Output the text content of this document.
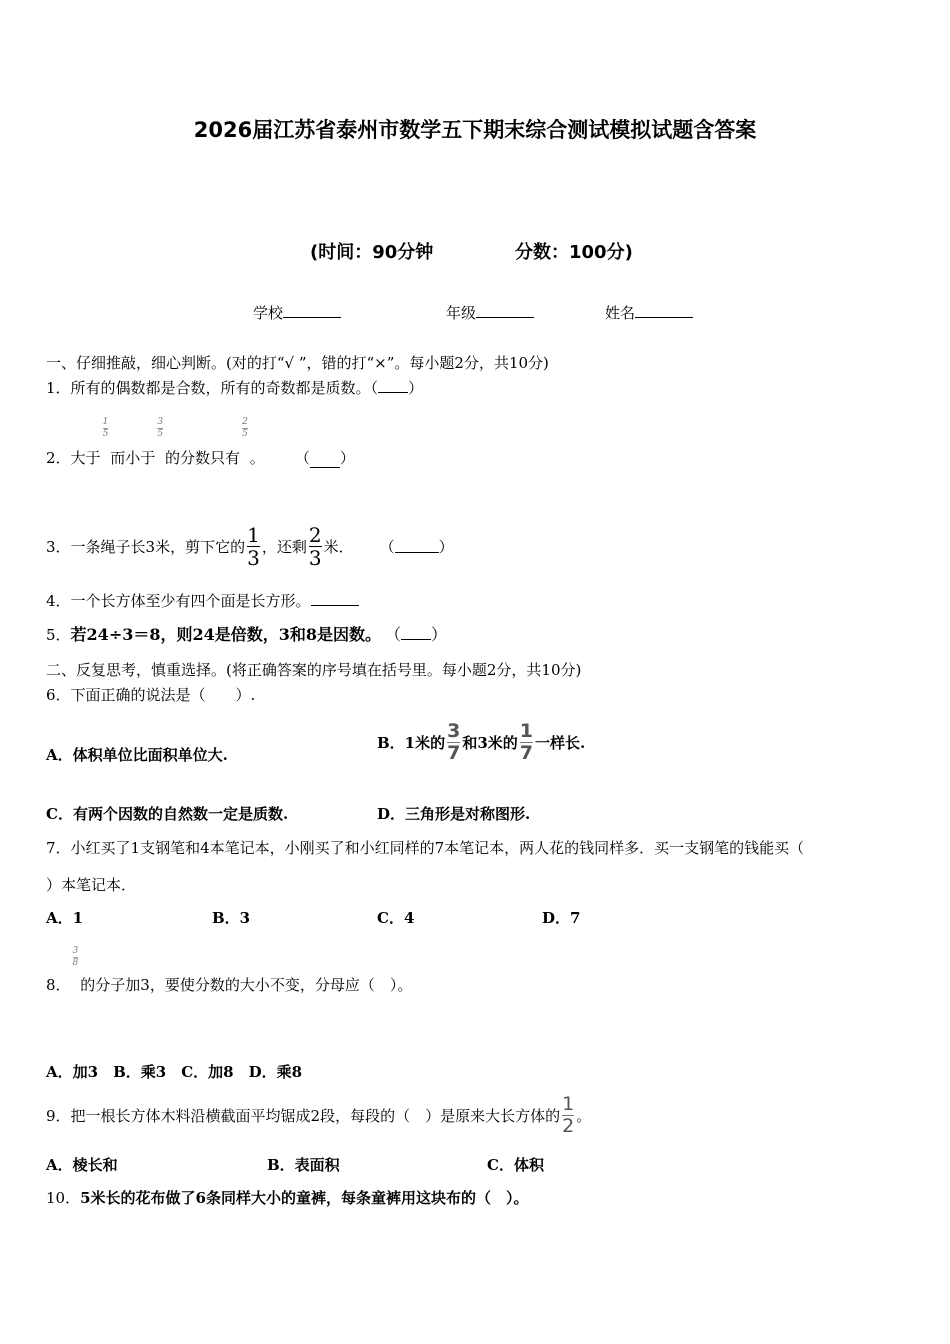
2026届江苏省泰州市数学五下期末综合测试模拟试题含答案
(时间：90分钟	分数：100分)
学校	年级	姓名
一、仔细推敲，细心判断。(对的打“√ ”，错的打“×”。每小题2分，共10分)
1．所有的偶数都是合数，所有的奇数都是质数。（ ）
2． 大于
$\frac{1}{5}$
而小于
$\frac{3}{5}$
的分数只有
$\frac{2}{5}$
。 （ ）
3． 一条绳子长3米，剪下它的 $\frac{1}{3}$ ，还剩 $\frac{2}{3}$ 米． （	）
4．一个长方体至少有四个面是长方形。
5．若24÷3＝8，则24是倍数，3和8是因数。 （ ）
二、反复思考，慎重选择。(将正确答案的序号填在括号里。每小题2分，共10分)
6．下面正确的说法是（　　）.
A．体积单位比面积单位大.
B．1米的 $\frac{3}{7}$ 和3米的 $\frac{1}{7}$ 一样长.
C．有两个因数的自然数一定是质数.	D．三角形是对称图形.
7．小红买了1支钢笔和4本笔记本，小刚买了和小红同样的7本笔记本，两人花的钱同样多．买一支钢笔的钱能买（
）本笔记本．
A．1	B．3	C．4	D．7
8．
$\frac{3}{8}$
的分子加3，要使分数的大小不变，分母应（　）。
A．加3　B．乘3　C．加8　D．乘8
9． 把一根长方体木料沿横截面平均锯成2段，每段的（　）是原来大长方体的 $\frac{1}{2}$ 。
A．棱长和	B．表面积	C．体积
10．5米长的花布做了6条同样大小的童裤，每条童裤用这块布的（　）。
